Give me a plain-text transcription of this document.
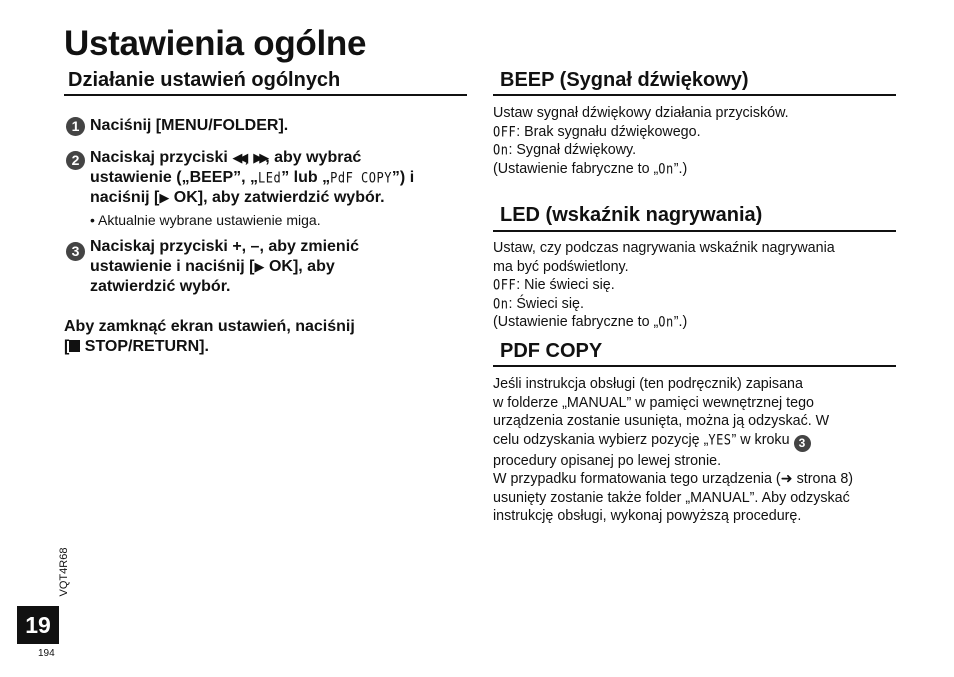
Ustawienia ogólne
Działanie ustawień ogólnych
1 Naciśnij [MENU/FOLDER].
2 Naciskaj przyciski ◀◀, ▶▶, aby wybrać
ustawienie („BEEP”, „LEd” lub „PdF COPY”) i
naciśnij [▶ OK], aby zatwierdzić wybór.
• Aktualnie wybrane ustawienie miga.
3 Naciskaj przyciski +, –, aby zmienić
ustawienie i naciśnij [▶ OK], aby
zatwierdzić wybór.
Aby zamknąć ekran ustawień, naciśnij
[ STOP/RETURN].
BEEP (Sygnał dźwiękowy)
Ustaw sygnał dźwiękowy działania przycisków.
OFF: Brak sygnału dźwiękowego.
On: Sygnał dźwiękowy.
(Ustawienie fabryczne to „On”.)
LED (wskaźnik nagrywania)
Ustaw, czy podczas nagrywania wskaźnik nagrywania
ma być podświetlony.
OFF: Nie świeci się.
On: Świeci się.
(Ustawienie fabryczne to „On”.)
PDF COPY
Jeśli instrukcja obsługi (ten podręcznik) zapisana
w folderze „MANUAL” w pamięci wewnętrznej tego
urządzenia zostanie usunięta, można ją odzyskać. W
celu odzyskania wybierz pozycję „YES” w kroku 3
procedury opisanej po lewej stronie.
W przypadku formatowania tego urządzenia (➜ strona 8)
usunięty zostanie także folder „MANUAL”. Aby odzyskać
instrukcję obsługi, wykonaj powyższą procedurę.
VQT4R68
19
194
